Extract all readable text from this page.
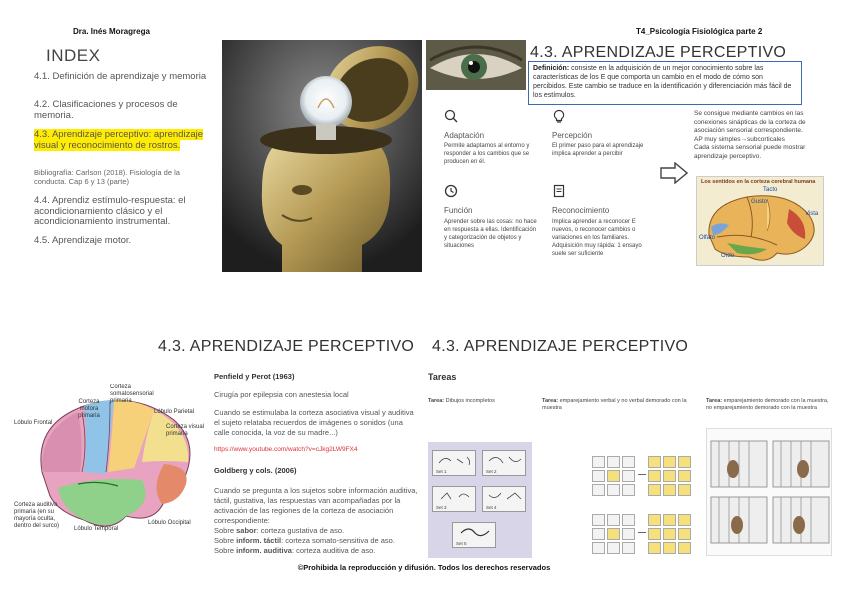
Dra. Inés Moragrega	T4_Psicología Fisiológica parte 2
INDEX
4.1. Definición de aprendizaje y memoria
4.2. Clasificaciones y procesos de memoria.
4.3. Aprendizaje perceptivo: aprendizaje visual y reconocimiento de rostros.
Bibliografía: Carlson (2018). Fisiología de la conducta. Cap 6 y 13 (parte)
4.4. Aprendiz estímulo-respuesta: el acondicionamiento clásico y el acondicionamiento instrumental.
4.5. Aprendizaje motor.
4.3. APRENDIZAJE PERCEPTIVO
Definición: consiste en la adquisición de un mejor conocimiento sobre las características de los E que comporta un cambio en el modo de cómo son percibidos. Este cambio se traduce en la identificación y diferenciación más fácil de los estímulos.
Adaptación
Permite adaptarnos al entorno y responder a los cambios que se producen en él.
Percepción
El primer paso para el aprendizaje implica aprender a percibir
Función
Aprender sobre las cosas: no hace en respuesta a ellas. Identificación y categorización de objetos y situaciones
Reconocimiento
Implica aprender a reconocer E nuevos, o reconocer cambios o variaciones en los familiares. Adquisición muy rápida: 1 ensayo suele ser suficiente
Se consigue mediante cambios en las conexiones sinápticas de la corteza de asociación sensorial correspondiente.
AP muy simples→subcorticales
Cada sistema sensorial puede mostrar aprendizaje perceptivo.
Los sentidos en la corteza cerebral humana
Tacto
Gusto
Vista
Oído
Olfato
4.3. APRENDIZAJE PERCEPTIVO
Corteza motora primaria
Corteza somatosensorial primaria
Lóbulo Parietal
Lóbulo Frontal
Corteza visual primaria
Lóbulo Occipital
Corteza auditiva primaria (en su mayoría oculta, dentro del surco)	Lóbulo Temporal
Penfield y Perot (1963)
Cirugía por epilepsia con anestesia local
Cuando se estimulaba la corteza asociativa visual y auditiva el sujeto relataba recuerdos de imágenes o sonidos (una calle conocida, la voz de su madre...)
https://www.youtube.com/watch?v=cJkg2LW9FX4
Goldberg y cols. (2006)
Cuando se pregunta a los sujetos sobre información auditiva, táctil, gustativa, las respuestas van acompañadas por la activación de las regiones de la corteza de asociación correspondiente:
Sobre sabor: corteza gustativa de aso.
Sobre inform. táctil: corteza somato-sensitiva de aso.
Sobre inform. auditiva: corteza auditiva de aso.
4.3. APRENDIZAJE PERCEPTIVO
Tareas
Tarea: Dibujos incompletos	Tarea: emparejamiento verbal y no verbal demorado con la muestra
Tarea: emparejamiento demorado con la muestra, no emparejamiento demorado con la muestra
Set 1	Set 2
Set 3	Set 4
Set 5
©Prohibida la reproducción y difusión. Todos los derechos reservados
